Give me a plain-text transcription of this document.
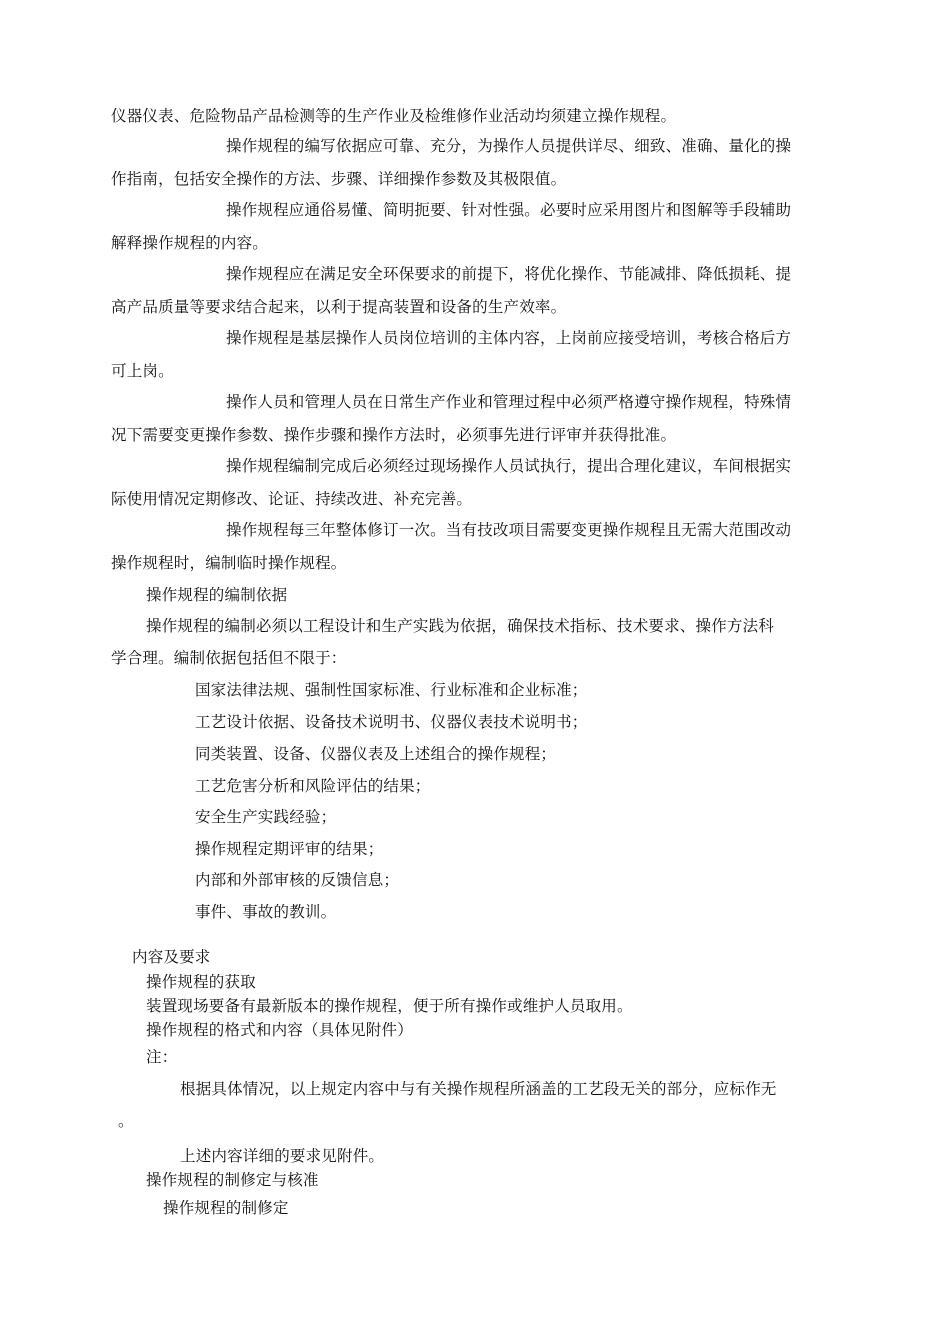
仪器仪表、危险物品产品检测等的生产作业及检维修作业活动均须建立操作规程。
操作规程的编写依据应可靠、充分，为操作人员提供详尽、细致、准确、量化的操
作指南，包括安全操作的方法、步骤、详细操作参数及其极限值。
操作规程应通俗易懂、简明扼要、针对性强。必要时应采用图片和图解等手段辅助
解释操作规程的内容。
操作规程应在满足安全环保要求的前提下，将优化操作、节能减排、降低损耗、提
高产品质量等要求结合起来，以利于提高装置和设备的生产效率。
操作规程是基层操作人员岗位培训的主体内容，上岗前应接受培训，考核合格后方
可上岗。
操作人员和管理人员在日常生产作业和管理过程中必须严格遵守操作规程，特殊情
况下需要变更操作参数、操作步骤和操作方法时，必须事先进行评审并获得批准。
操作规程编制完成后必须经过现场操作人员试执行，提出合理化建议，车间根据实
际使用情况定期修改、论证、持续改进、补充完善。
操作规程每三年整体修订一次。当有技改项目需要变更操作规程且无需大范围改动
操作规程时，编制临时操作规程。
操作规程的编制依据
操作规程的编制必须以工程设计和生产实践为依据，确保技术指标、技术要求、操作方法科
学合理。编制依据包括但不限于：
国家法律法规、强制性国家标准、行业标准和企业标准；
工艺设计依据、设备技术说明书、仪器仪表技术说明书；
同类装置、设备、仪器仪表及上述组合的操作规程；
工艺危害分析和风险评估的结果；
安全生产实践经验；
操作规程定期评审的结果；
内部和外部审核的反馈信息；
事件、事故的教训。
内容及要求
操作规程的获取
装置现场要备有最新版本的操作规程，便于所有操作或维护人员取用。
操作规程的格式和内容（具体见附件）
注：
根据具体情况，以上规定内容中与有关操作规程所涵盖的工艺段无关的部分，应标作无
。
上述内容详细的要求见附件。
操作规程的制修定与核准
操作规程的制修定
